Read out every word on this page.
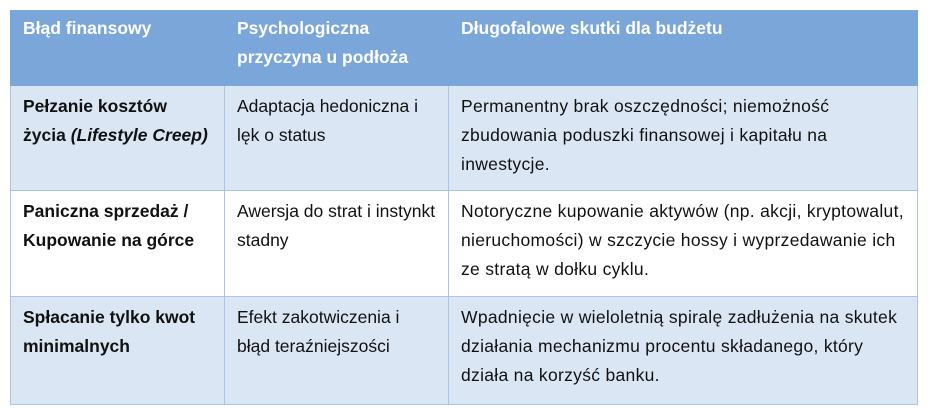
Błąd finansowy	Psychologiczna przyczyna u podłoża	Długofalowe skutki dla budżetu
Pełzanie kosztów życia (Lifestyle Creep)	Adaptacja hedoniczna i lęk o status	Permanentny brak oszczędności; niemożność zbudowania poduszki finansowej i kapitału na inwestycje.
Paniczna sprzedaż / Kupowanie na górce	Awersja do strat i instynkt stadny	Notoryczne kupowanie aktywów (np. akcji, kryptowalut, nieruchomości) w szczycie hossy i wyprzedawanie ich ze stratą w dołku cyklu.
Spłacanie tylko kwot minimalnych	Efekt zakotwiczenia i błąd teraźniejszości	Wpadnięcie w wieloletnią spiralę zadłużenia na skutek działania mechanizmu procentu składanego, który działa na korzyść banku.
